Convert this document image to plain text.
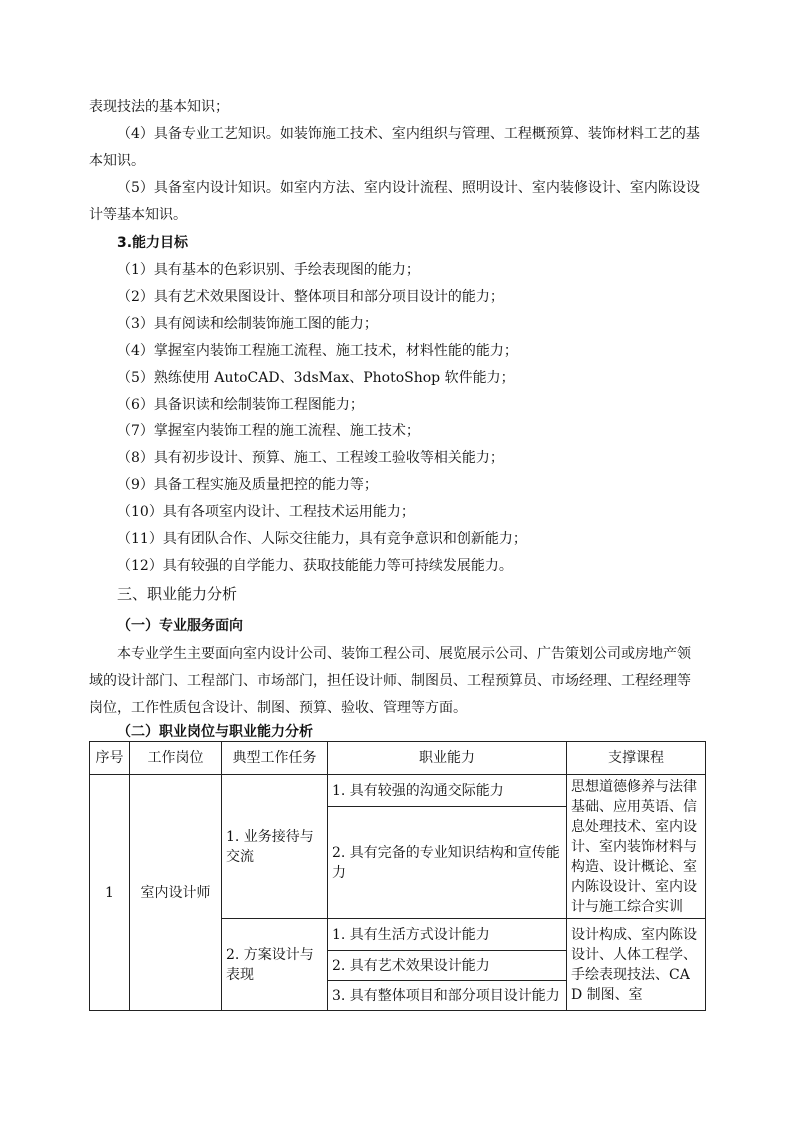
表现技法的基本知识；
（4）具备专业工艺知识。如装饰施工技术、室内组织与管理、工程概预算、装饰材料工艺的基
本知识。
（5）具备室内设计知识。如室内方法、室内设计流程、照明设计、室内装修设计、室内陈设设
计等基本知识。
3.能力目标
（1）具有基本的色彩识别、手绘表现图的能力；
（2）具有艺术效果图设计、整体项目和部分项目设计的能力；
（3）具有阅读和绘制装饰施工图的能力；
（4）掌握室内装饰工程施工流程、施工技术，材料性能的能力；
（5）熟练使用 AutoCAD、3dsMax、PhotoShop 软件能力；
（6）具备识读和绘制装饰工程图能力；
（7）掌握室内装饰工程的施工流程、施工技术；
（8）具有初步设计、预算、施工、工程竣工验收等相关能力；
（9）具备工程实施及质量把控的能力等；
（10）具有各项室内设计、工程技术运用能力；
（11）具有团队合作、人际交往能力，具有竞争意识和创新能力；
（12）具有较强的自学能力、获取技能能力等可持续发展能力。
三、职业能力分析
（一）专业服务面向
本专业学生主要面向室内设计公司、装饰工程公司、展览展示公司、广告策划公司或房地产领
域的设计部门、工程部门、市场部门，担任设计师、制图员、工程预算员、市场经理、工程经理等
岗位，工作性质包含设计、制图、预算、验收、管理等方面。
（二）职业岗位与职业能力分析
序号	工作岗位	典型工作任务	职业能力	支撑课程
1	室内设计师	1. 业务接待与交流	1. 具有较强的沟通交际能力	思想道德修养与法律基础、应用英语、信息处理技术、室内设计、室内装饰材料与构造、设计概论、室内陈设设计、室内设计与施工综合实训
			2. 具有完备的专业知识结构和宣传能力	
		2. 方案设计与表现	1. 具有生活方式设计能力	设计构成、室内陈设设计、人体工程学、手绘表现技法、CAD 制图、室
			2. 具有艺术效果设计能力	
			3. 具有整体项目和部分项目设计能力	
